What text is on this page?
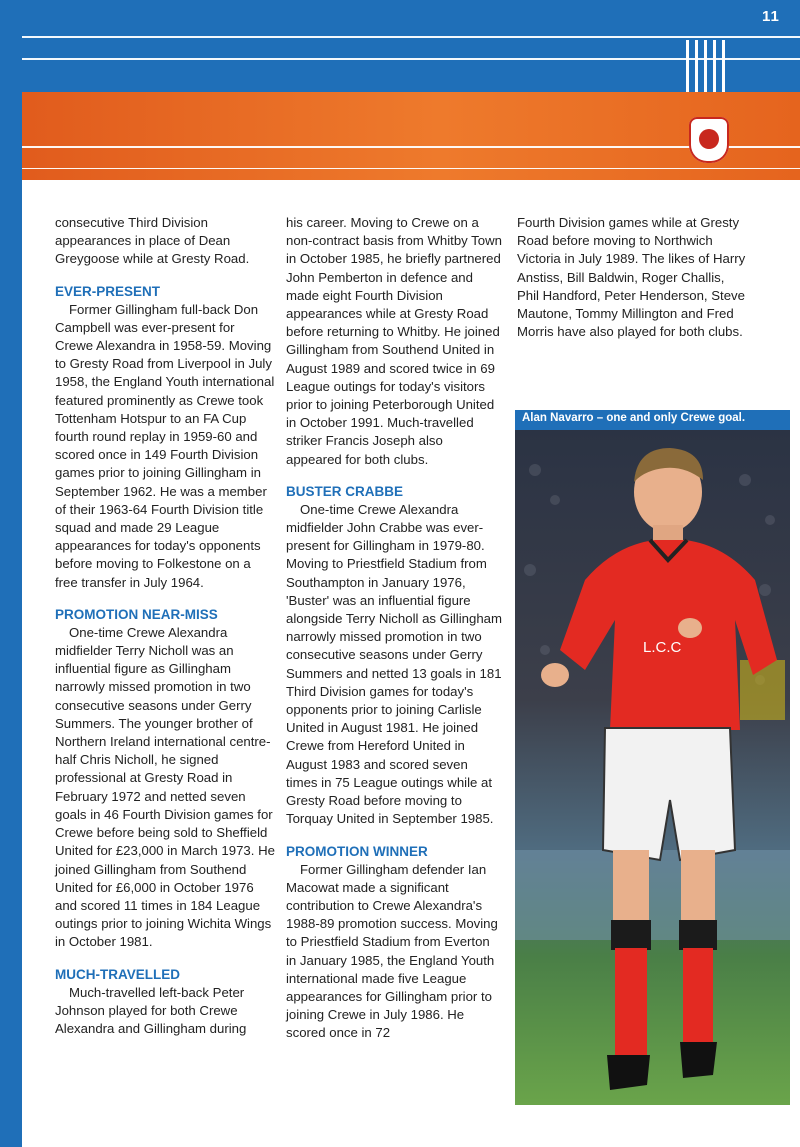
11

consecutive Third Division appearances in place of Dean Greygoose while at Gresty Road.

EVER-PRESENT

Former Gillingham full-back Don Campbell was ever-present for Crewe Alexandra in 1958-59. Moving to Gresty Road from Liverpool in July 1958, the England Youth international featured prominently as Crewe took Tottenham Hotspur to an FA Cup fourth round replay in 1959-60 and scored once in 149 Fourth Division games prior to joining Gillingham in September 1962. He was a member of their 1963-64 Fourth Division title squad and made 29 League appearances for today's opponents before moving to Folkestone on a free transfer in July 1964.

PROMOTION NEAR-MISS

One-time Crewe Alexandra midfielder Terry Nicholl was an influential figure as Gillingham narrowly missed promotion in two consecutive seasons under Gerry Summers. The younger brother of Northern Ireland international centre-half Chris Nicholl, he signed professional at Gresty Road in February 1972 and netted seven goals in 46 Fourth Division games for Crewe before being sold to Sheffield United for £23,000 in March 1973. He joined Gillingham from Southend United for £6,000 in October 1976 and scored 11 times in 184 League outings prior to joining Wichita Wings in October 1981.

MUCH-TRAVELLED

Much-travelled left-back Peter Johnson played for both Crewe Alexandra and Gillingham during

his career. Moving to Crewe on a non-contract basis from Whitby Town in October 1985, he briefly partnered John Pemberton in defence and made eight Fourth Division appearances while at Gresty Road before returning to Whitby. He joined Gillingham from Southend United in August 1989 and scored twice in 69 League outings for today's visitors prior to joining Peterborough United in October 1991. Much-travelled striker Francis Joseph also appeared for both clubs.

BUSTER CRABBE

One-time Crewe Alexandra midfielder John Crabbe was ever-present for Gillingham in 1979-80. Moving to Priestfield Stadium from Southampton in January 1976, 'Buster' was an influential figure alongside Terry Nicholl as Gillingham narrowly missed promotion in two consecutive seasons under Gerry Summers and netted 13 goals in 181 Third Division games for today's opponents prior to joining Carlisle United in August 1981. He joined Crewe from Hereford United in August 1983 and scored seven times in 75 League outings while at Gresty Road before moving to Torquay United in September 1985.

PROMOTION WINNER

Former Gillingham defender Ian Macowat made a significant contribution to Crewe Alexandra's 1988-89 promotion success. Moving to Priestfield Stadium from Everton in January 1985, the England Youth international made five League appearances for Gillingham prior to joining Crewe in July 1986. He scored once in 72

Fourth Division games while at Gresty Road before moving to Northwich Victoria in July 1989. The likes of Harry Anstiss, Bill Baldwin, Roger Challis, Phil Handford, Peter Henderson, Steve Mautone, Tommy Millington and Fred Morris have also played for both clubs.

Alan Navarro – one and only Crewe goal.
L.C.C
